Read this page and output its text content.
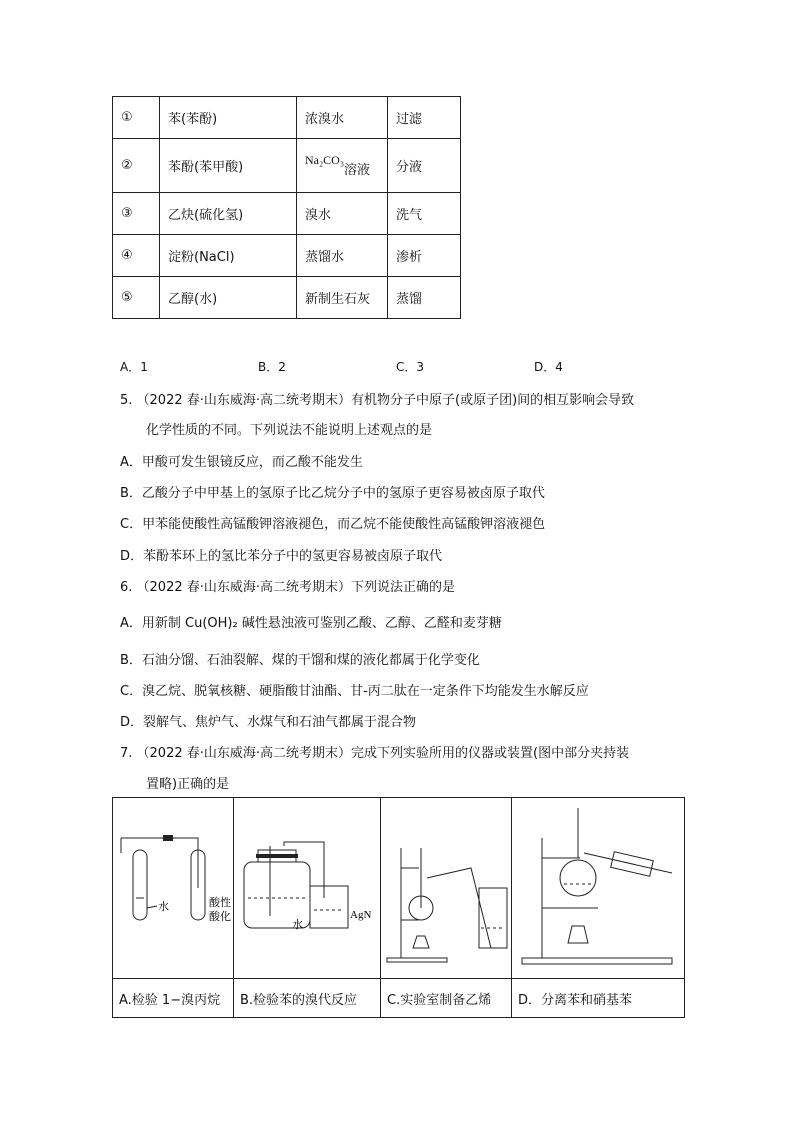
①	苯(苯酚)	浓溴水	过滤
②	苯酚(苯甲酸)	Na₂CO₃溶液	分液
③	乙炔(硫化氢)	溴水	洗气
④	淀粉(NaCl)	蒸馏水	渗析
⑤	乙醇(水)	新制生石灰	蒸馏
A．1	B．2	C．3	D．4

5. （2022 春·山东威海·高二统考期末）有机物分子中原子(或原子团)间的相互影响会导致

化学性质的不同。下列说法不能说明上述观点的是

A．甲酸可发生银镜反应，而乙酸不能发生

B．乙酸分子中甲基上的氢原子比乙烷分子中的氢原子更容易被卤原子取代

C．甲苯能使酸性高锰酸钾溶液褪色，而乙烷不能使酸性高锰酸钾溶液褪色

D．苯酚苯环上的氢比苯分子中的氢更容易被卤原子取代

6. （2022 春·山东威海·高二统考期末）下列说法正确的是

A．用新制 Cu(OH)₂ 碱性悬浊液可鉴别乙酸、乙醇、乙醛和麦芽糖

B．石油分馏、石油裂解、煤的干馏和煤的液化都属于化学变化

C．溴乙烷、脱氧核糖、硬脂酸甘油酯、甘-丙二肽在一定条件下均能发生水解反应

D．裂解气、焦炉气、水煤气和石油气都属于混合物

7. （2022 春·山东威海·高二统考期末）完成下列实验所用的仪器或装置(图中部分夹持装

置略)正确的是

水 酸性
酸化	水
AgN

A.检验 1−溴丙烷	B.检验苯的溴代反应	C.实验室制备乙烯	D．分离苯和硝基苯
